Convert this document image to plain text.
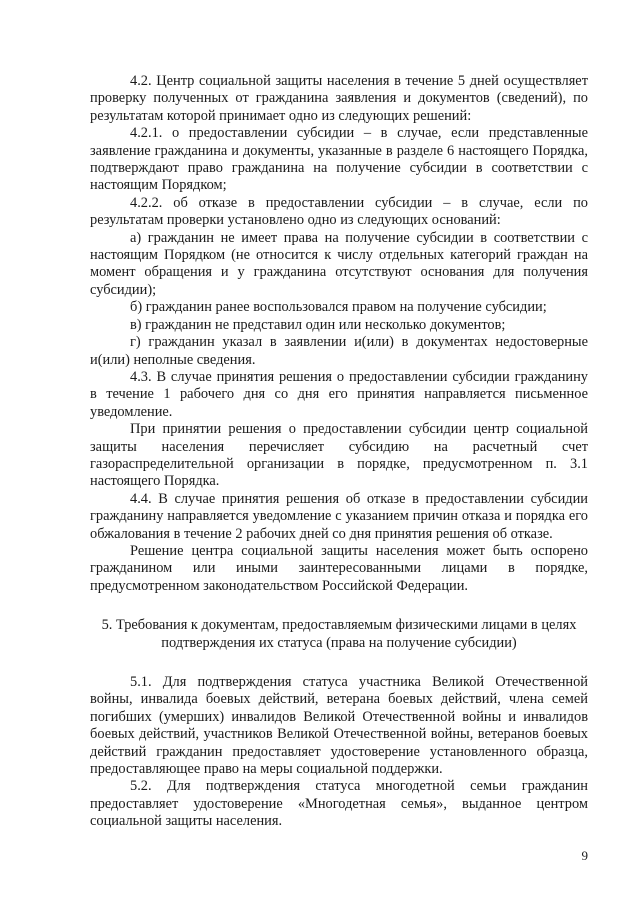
4.2. Центр социальной защиты населения в течение 5 дней осуществляет проверку полученных от гражданина заявления и документов (сведений), по результатам которой принимает одно из следующих решений:

4.2.1. о предоставлении субсидии – в случае, если представленные заявление гражданина и документы, указанные в разделе 6 настоящего Порядка, подтверждают право гражданина на получение субсидии в соответствии с настоящим Порядком;

4.2.2. об отказе в предоставлении субсидии – в случае, если по результатам проверки установлено одно из следующих оснований:

а) гражданин не имеет права на получение субсидии в соответствии с настоящим Порядком (не относится к числу отдельных категорий граждан на момент обращения и у гражданина отсутствуют основания для получения субсидии);

б) гражданин ранее воспользовался правом на получение субсидии;

в) гражданин не представил один или несколько документов;

г) гражданин указал в заявлении и(или) в документах недостоверные и(или) неполные сведения.

4.3. В случае принятия решения о предоставлении субсидии гражданину в течение 1 рабочего дня со дня его принятия направляется письменное уведомление.

При принятии решения о предоставлении субсидии центр социальной защиты населения перечисляет субсидию на расчетный счет газораспределительной организации в порядке, предусмотренном п. 3.1 настоящего Порядка.

4.4. В случае принятия решения об отказе в предоставлении субсидии гражданину направляется уведомление с указанием причин отказа и порядка его обжалования в течение 2 рабочих дней со дня принятия решения об отказе.

Решение центра социальной защиты населения может быть оспорено гражданином или иными заинтересованными лицами в порядке, предусмотренном законодательством Российской Федерации.

5. Требования к документам, предоставляемым физическими лицами в целях подтверждения их статуса (права на получение субсидии)

5.1. Для подтверждения статуса участника Великой Отечественной войны, инвалида боевых действий, ветерана боевых действий, члена семей погибших (умерших) инвалидов Великой Отечественной войны и инвалидов боевых действий, участников Великой Отечественной войны, ветеранов боевых действий гражданин предоставляет удостоверение установленного образца, предоставляющее право на меры социальной поддержки.

5.2. Для подтверждения статуса многодетной семьи гражданин предоставляет удостоверение «Многодетная семья», выданное центром социальной защиты населения.

9
